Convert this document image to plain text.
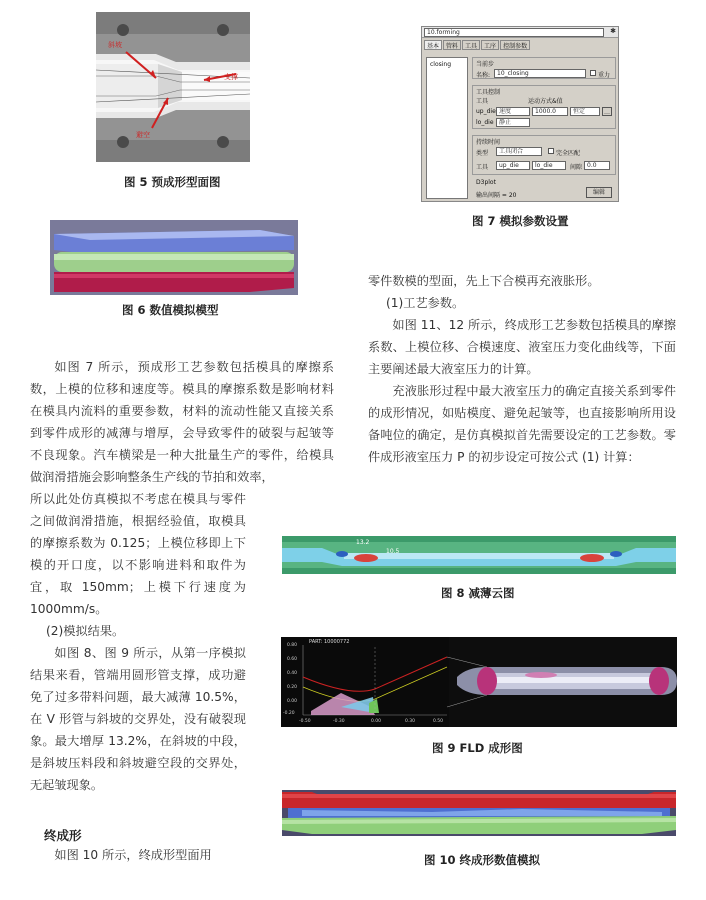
斜坡
支撑
避空
图 5 预成形型面图
图 6 数值模拟模型
10.forming	✱
基本	管料	工具	工序	控制参数
closing	当前步
名称:	10_closing	重力
工具控制
工具	运动方式&值
up_die 速度	1000.0	恒定	…
lo_die 静止
持续时间
类型	工具闭合	完全匹配
工具	up_die	lo_die	间隙 0.0
D3plot
输出间隔 = 20	编辑
图 7 模拟参数设置

如图 7 所示，预成形工艺参数包括模具的摩擦系数，上模的位移和速度等。模具的摩擦系数是影响材料在模具内流料的重要参数，材料的流动性能又直接关系到零件成形的减薄与增厚，会导致零件的破裂与起皱等不良现象。汽车横梁是一种大批量生产的零件，给模具做润滑措施会影响整条生产线的节拍和效率，

所以此处仿真模拟不考虑在模具与零件之间做润滑措施，根据经验值，取模具的摩擦系数为 0.125；上模位移即上下模的开口度，以不影响进料和取件为宜，取 150mm；上模下行速度为 1000mm/s。

(2)模拟结果。

如图 8、图 9 所示，从第一序模拟结果来看，管端用圆形管支撑，成功避免了过多带料问题，最大减薄 10.5%，在 V 形管与斜坡的交界处，没有破裂现象。最大增厚 13.2%，在斜坡的中段，是斜坡压料段和斜坡避空段的交界处，无起皱现象。

终成形

如图 10 所示，终成形型面用

零件数模的型面，先上下合模再充液胀形。

(1)工艺参数。

如图 11、12 所示，终成形工艺参数包括模具的摩擦系数、上模位移、合模速度、液室压力变化曲线等，下面主要阐述最大液室压力的计算。

充液胀形过程中最大液室压力的确定直接关系到零件的成形情况，如贴模度、避免起皱等，也直接影响所用设备吨位的确定，是仿真模拟首先需要设定的工艺参数。零件成形液室压力 P 的初步设定可按公式 (1) 计算：

13.2
10.5
图 8 减薄云图
PART: 10000772
0.80
0.60
0.40
0.20
0.00
-0.20
-0.50	-0.30	0.00	0.30	0.50
图 9 FLD 成形图
图 10 终成形数值模拟
